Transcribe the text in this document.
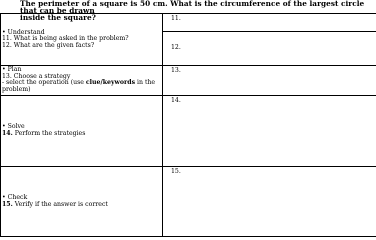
The perimeter of a square is 50 cm. What is the circumference of the largest circle that can be drawn
inside the square?
• Understand
11. What is being asked in the problem?
12. What are the given facts?	11.
	12.

• Plan
13. Choose a strategy
- select the operation (use clue/keywords in the
problem)	13.

• Solve
14. Perform the strategies	14.

• Check
15. Verify if the answer is correct	15.
